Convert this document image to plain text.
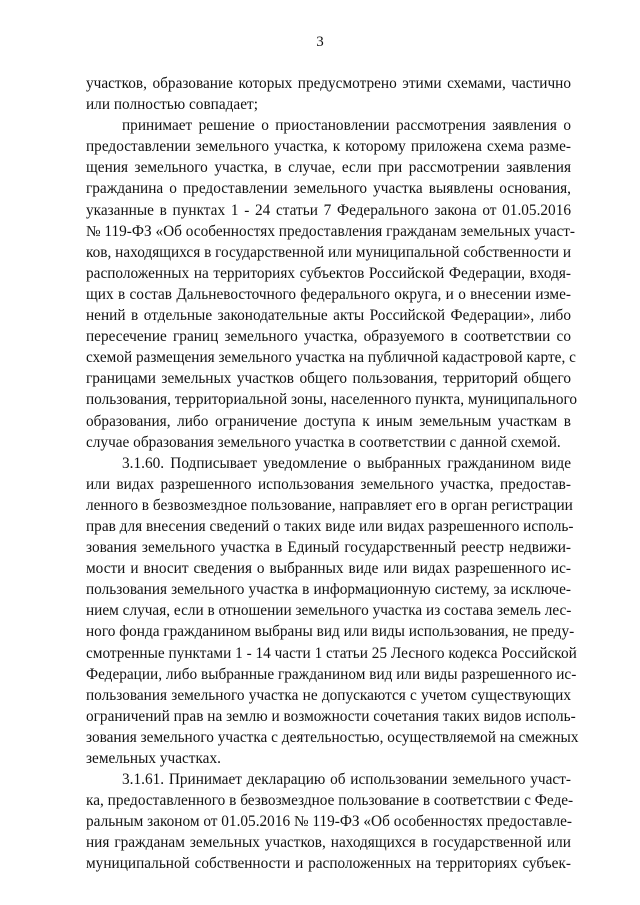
3
участков, образование которых предусмотрено этими схемами, частично
или полностью совпадает;
принимает решение о приостановлении рассмотрения заявления о
предоставлении земельного участка, к которому приложена схема разме-
щения земельного участка, в случае, если при рассмотрении заявления
гражданина о предоставлении земельного участка выявлены основания,
указанные в пунктах 1 - 24 статьи 7 Федерального закона от 01.05.2016
№ 119-ФЗ «Об особенностях предоставления гражданам земельных участ-
ков, находящихся в государственной или муниципальной собственности и
расположенных на территориях субъектов Российской Федерации, входя-
щих в состав Дальневосточного федерального округа, и о внесении изме-
нений в отдельные законодательные акты Российской Федерации», либо
пересечение границ земельного участка, образуемого в соответствии со
схемой размещения земельного участка на публичной кадастровой карте, с
границами земельных участков общего пользования, территорий общего
пользования, территориальной зоны, населенного пункта, муниципального
образования, либо ограничение доступа к иным земельным участкам в
случае образования земельного участка в соответствии с данной схемой.
3.1.60. Подписывает уведомление о выбранных гражданином виде
или видах разрешенного использования земельного участка, предостав-
ленного в безвозмездное пользование, направляет его в орган регистрации
прав для внесения сведений о таких виде или видах разрешенного исполь-
зования земельного участка в Единый государственный реестр недвижи-
мости и вносит сведения о выбранных виде или видах разрешенного ис-
пользования земельного участка в информационную систему, за исключе-
нием случая, если в отношении земельного участка из состава земель лес-
ного фонда гражданином выбраны вид или виды использования, не преду-
смотренные пунктами 1 - 14 части 1 статьи 25 Лесного кодекса Российской
Федерации, либо выбранные гражданином вид или виды разрешенного ис-
пользования земельного участка не допускаются с учетом существующих
ограничений прав на землю и возможности сочетания таких видов исполь-
зования земельного участка с деятельностью, осуществляемой на смежных
земельных участках.
3.1.61. Принимает декларацию об использовании земельного участ-
ка, предоставленного в безвозмездное пользование в соответствии с Феде-
ральным законом от 01.05.2016 № 119-ФЗ «Об особенностях предоставле-
ния гражданам земельных участков, находящихся в государственной или
муниципальной собственности и расположенных на территориях субъек-
